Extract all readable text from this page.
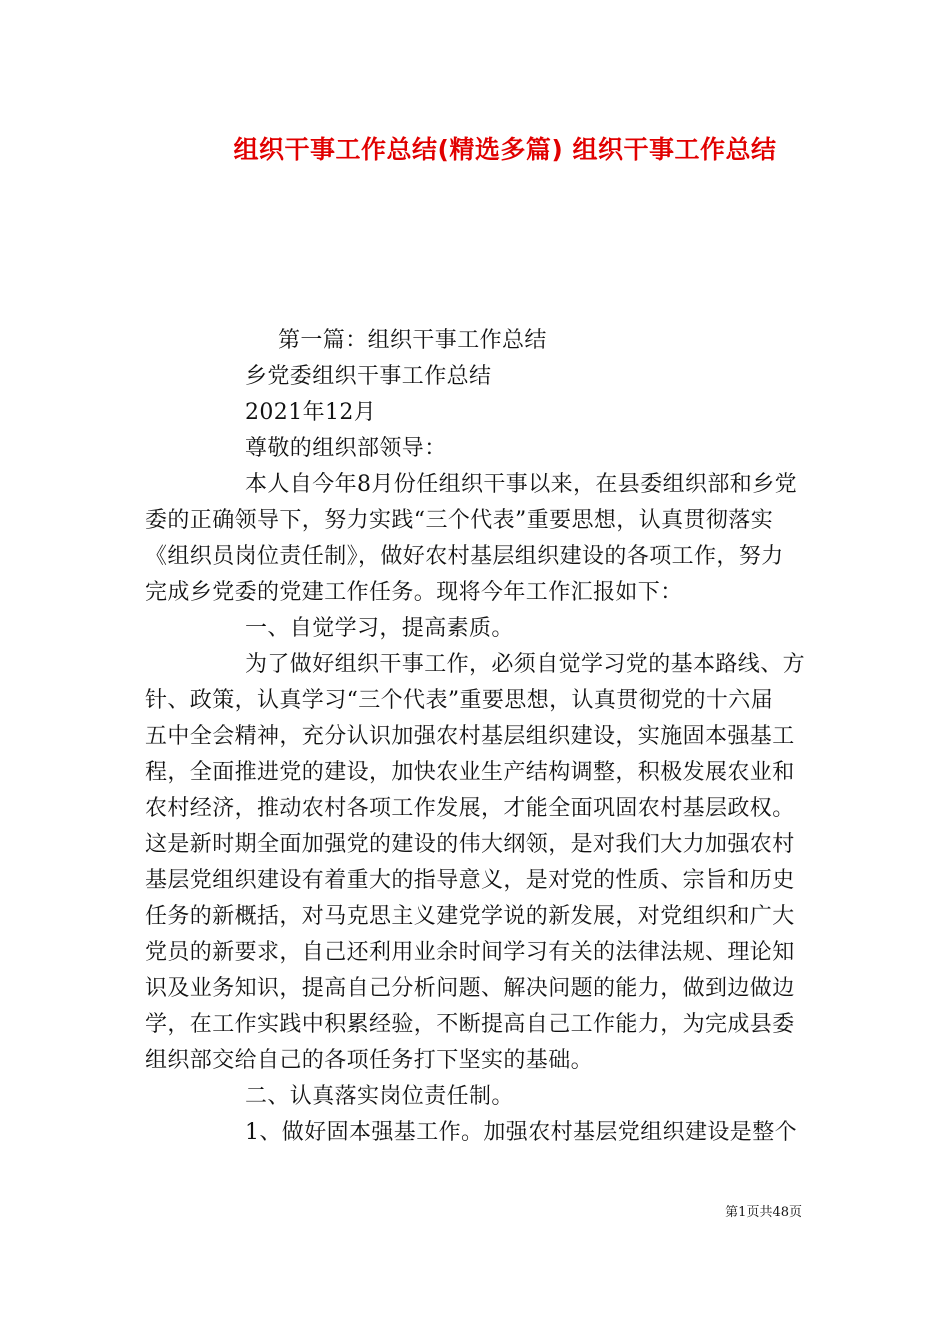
组织干事工作总结(精选多篇) 组织干事工作总结
第一篇：组织干事工作总结
乡党委组织干事工作总结
2021年12月
尊敬的组织部领导：
本人自今年8月份任组织干事以来，在县委组织部和乡党
委的正确领导下，努力实践“三个代表”重要思想，认真贯彻落实
《组织员岗位责任制》，做好农村基层组织建设的各项工作，努力
完成乡党委的党建工作任务。现将今年工作汇报如下：
一、自觉学习，提高素质。
为了做好组织干事工作，必须自觉学习党的基本路线、方
针、政策，认真学习“三个代表”重要思想，认真贯彻党的十六届
五中全会精神，充分认识加强农村基层组织建设，实施固本强基工
程，全面推进党的建设，加快农业生产结构调整，积极发展农业和
农村经济，推动农村各项工作发展，才能全面巩固农村基层政权。
这是新时期全面加强党的建设的伟大纲领，是对我们大力加强农村
基层党组织建设有着重大的指导意义，是对党的性质、宗旨和历史
任务的新概括，对马克思主义建党学说的新发展，对党组织和广大
党员的新要求，自己还利用业余时间学习有关的法律法规、理论知
识及业务知识，提高自己分析问题、解决问题的能力，做到边做边
学，在工作实践中积累经验，不断提高自己工作能力，为完成县委
组织部交给自己的各项任务打下坚实的基础。
二、认真落实岗位责任制。
1、做好固本强基工作。加强农村基层党组织建设是整个
第1页共48页
